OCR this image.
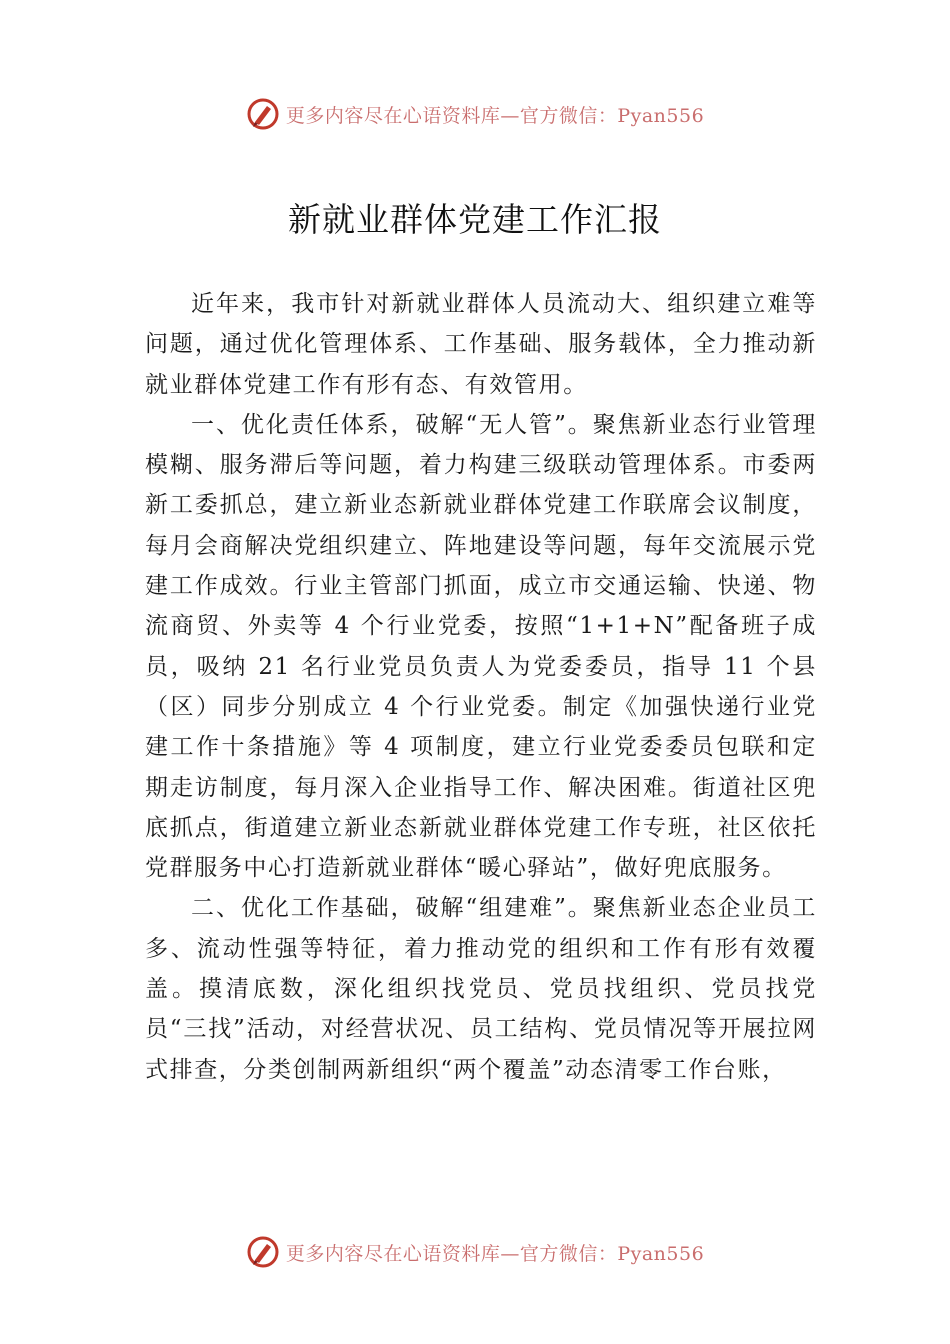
更多内容尽在心语资料库—官方微信：Pyan556
新就业群体党建工作汇报

近年来，我市针对新就业群体人员流动大、组织建立难等问题，通过优化管理体系、工作基础、服务载体，全力推动新就业群体党建工作有形有态、有效管用。

一、优化责任体系，破解“无人管”。聚焦新业态行业管理模糊、服务滞后等问题，着力构建三级联动管理体系。市委两新工委抓总，建立新业态新就业群体党建工作联席会议制度，每月会商解决党组织建立、阵地建设等问题，每年交流展示党建工作成效。行业主管部门抓面，成立市交通运输、快递、物流商贸、外卖等 4 个行业党委，按照“1+1+N”配备班子成员，吸纳 21 名行业党员负责人为党委委员，指导 11 个县（区）同步分别成立 4 个行业党委。制定《加强快递行业党建工作十条措施》等 4 项制度，建立行业党委委员包联和定期走访制度，每月深入企业指导工作、解决困难。街道社区兜底抓点，街道建立新业态新就业群体党建工作专班，社区依托党群服务中心打造新就业群体“暖心驿站”，做好兜底服务。

二、优化工作基础，破解“组建难”。聚焦新业态企业员工多、流动性强等特征，着力推动党的组织和工作有形有效覆盖。摸清底数，深化组织找党员、党员找组织、党员找党员“三找”活动，对经营状况、员工结构、党员情况等开展拉网式排查，分类创制两新组织“两个覆盖”动态清零工作台账，

更多内容尽在心语资料库—官方微信：Pyan556
